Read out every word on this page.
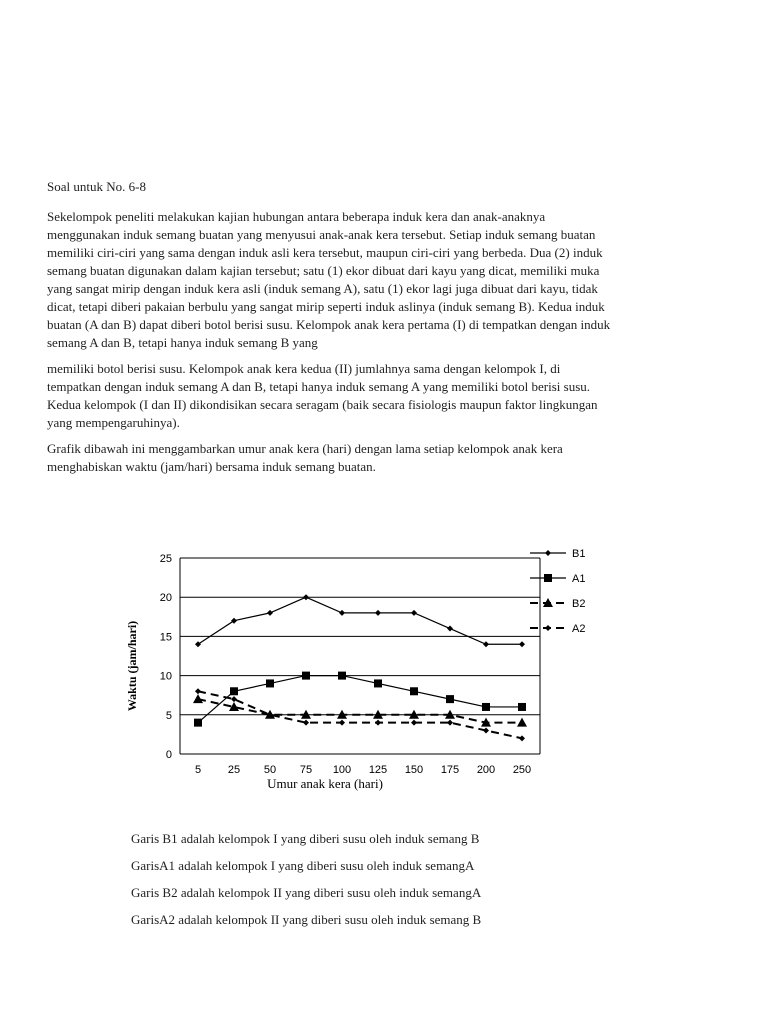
Soal untuk No. 6-8

Sekelompok peneliti melakukan kajian hubungan antara beberapa induk kera dan anak-anaknya
menggunakan induk semang buatan yang menyusui anak-anak kera tersebut. Setiap induk semang buatan
memiliki ciri-ciri yang sama dengan induk asli kera tersebut, maupun ciri-ciri yang berbeda. Dua (2) induk
semang buatan digunakan dalam kajian tersebut; satu (1) ekor dibuat dari kayu yang dicat, memiliki muka
yang sangat mirip dengan induk kera asli (induk semang A), satu (1) ekor lagi juga dibuat dari kayu, tidak
dicat, tetapi diberi pakaian berbulu yang sangat mirip seperti induk aslinya (induk semang B). Kedua induk
buatan (A dan B) dapat diberi botol berisi susu. Kelompok anak kera pertama (I) di tempatkan dengan induk
semang A dan B, tetapi hanya induk semang B yang

memiliki botol berisi susu. Kelompok anak kera kedua (II) jumlahnya sama dengan kelompok I, di
tempatkan dengan induk semang A dan B, tetapi hanya induk semang A yang memiliki botol berisi susu.
Kedua kelompok (I dan II) dikondisikan secara seragam (baik secara fisiologis maupun faktor lingkungan
yang mempengaruhinya).

Grafik dibawah ini menggambarkan umur anak kera (hari) dengan lama setiap kelompok anak kera
menghabiskan waktu (jam/hari) bersama induk semang buatan.

Waktu (jam/hari)
Umur anak kera (hari)
0
5
10
15
20
25
5 25 50 75 100 125 150 175 200 250
B1
A1
B2
A2
Garis B1 adalah kelompok I yang diberi susu oleh induk semang B
GarisA1 adalah kelompok I yang diberi susu oleh induk semangA
Garis B2 adalah kelompok II yang diberi susu oleh induk semangA
GarisA2 adalah kelompok II yang diberi susu oleh induk semang B
